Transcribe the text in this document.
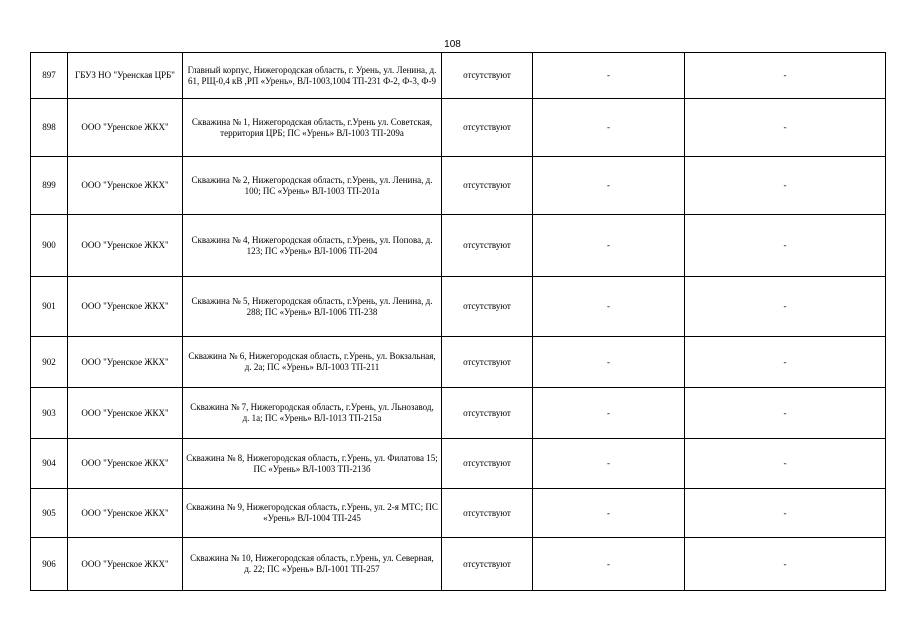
108
897	ГБУЗ НО "Уренская ЦРБ"	Главный корпус, Нижегородская область, г. Урень, ул. Ленина, д. 61, РЩ-0,4 кВ ,РП «Урень», ВЛ-1003,1004 ТП-231 Ф-2, Ф-3, Ф-9	отсутствуют	-	-
898	ООО "Уренское ЖКХ"	Скважина № 1, Нижегородская область, г.Урень ул. Советская, территория ЦРБ; ПС «Урень» ВЛ-1003 ТП-209а	отсутствуют	-	-
899	ООО "Уренское ЖКХ"	Скважина № 2, Нижегородская область, г.Урень, ул. Ленина, д. 100; ПС «Урень» ВЛ-1003 ТП-201а	отсутствуют	-	-
900	ООО "Уренское ЖКХ"	Скважина № 4, Нижегородская область, г.Урень, ул. Попова, д. 123; ПС «Урень» ВЛ-1006 ТП-204	отсутствуют	-	-
901	ООО "Уренское ЖКХ"	Скважина № 5, Нижегородская область, г.Урень, ул. Ленина, д. 288; ПС «Урень» ВЛ-1006 ТП-238	отсутствуют	-	-
902	ООО "Уренское ЖКХ"	Скважина № 6, Нижегородская область, г.Урень, ул. Вокзальная, д. 2а; ПС «Урень» ВЛ-1003 ТП-211	отсутствуют	-	-
903	ООО "Уренское ЖКХ"	Скважина № 7, Нижегородская область, г.Урень, ул. Льнозавод, д. 1а; ПС «Урень» ВЛ-1013 ТП-215а	отсутствуют	-	-
904	ООО "Уренское ЖКХ"	Скважина № 8, Нижегородская область, г.Урень, ул. Филатова 15; ПС «Урень» ВЛ-1003 ТП-213б	отсутствуют	-	-
905	ООО "Уренское ЖКХ"	Скважина № 9, Нижегородская область, г.Урень, ул. 2-я МТС; ПС «Урень» ВЛ-1004 ТП-245	отсутствуют	-	-
906	ООО "Уренское ЖКХ"	Скважина № 10, Нижегородская область, г.Урень, ул. Северная, д. 22; ПС «Урень» ВЛ-1001 ТП-257	отсутствуют	-	-
